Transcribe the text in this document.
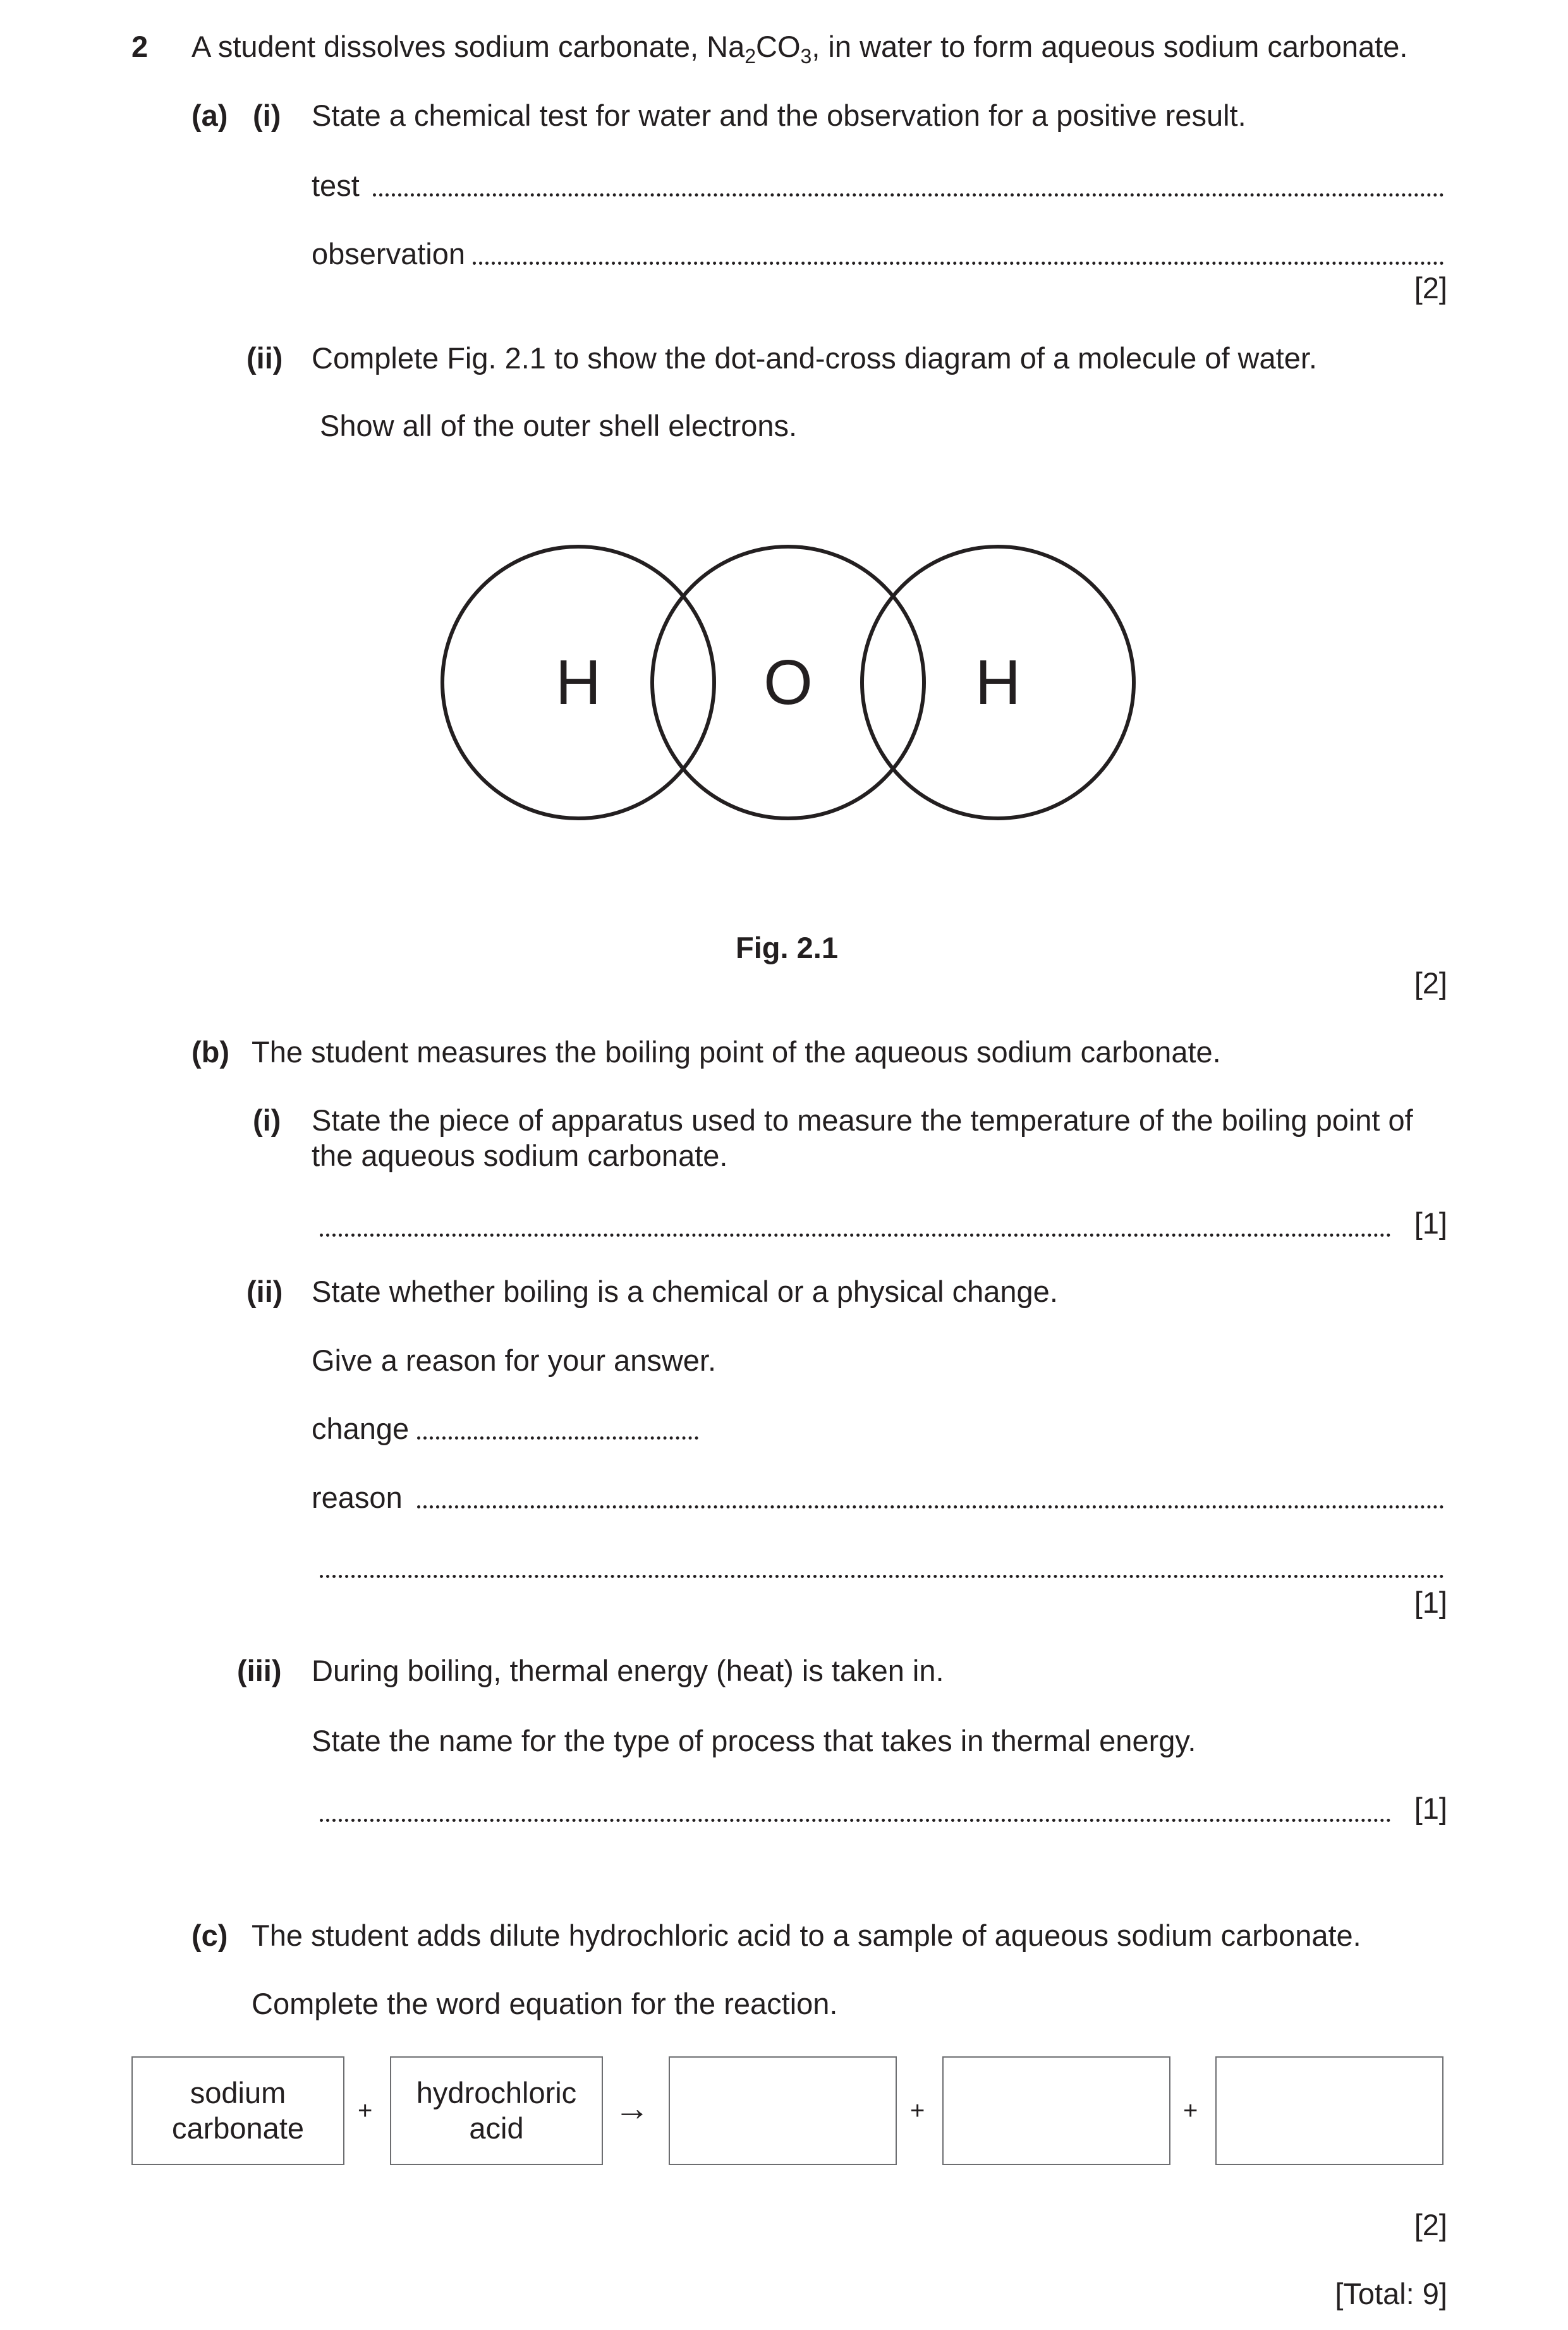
2 A student dissolves sodium carbonate, $Na_2CO_3$, in water to form aqueous sodium carbonate.
(a) (i) State a chemical test for water and the observation for a positive result.
test
observation
[2]
(ii) Complete Fig. 2.1 to show the dot-and-cross diagram of a molecule of water.
Show all of the outer shell electrons.
H	O	H
Fig. 2.1
[2]
(b) The student measures the boiling point of the aqueous sodium carbonate.
(i) State the piece of apparatus used to measure the temperature of the boiling point of the aqueous sodium carbonate.
[1]
(ii) State whether boiling is a chemical or a physical change.
Give a reason for your answer.
change
reason
[1]
(iii) During boiling, thermal energy (heat) is taken in.
State the name for the type of process that takes in thermal energy.
[1]
(c) The student adds dilute hydrochloric acid to a sample of aqueous sodium carbonate.
Complete the word equation for the reaction.
sodium
carbonate
+
hydrochloric
acid
→	+	+
[2]
[Total: 9]
